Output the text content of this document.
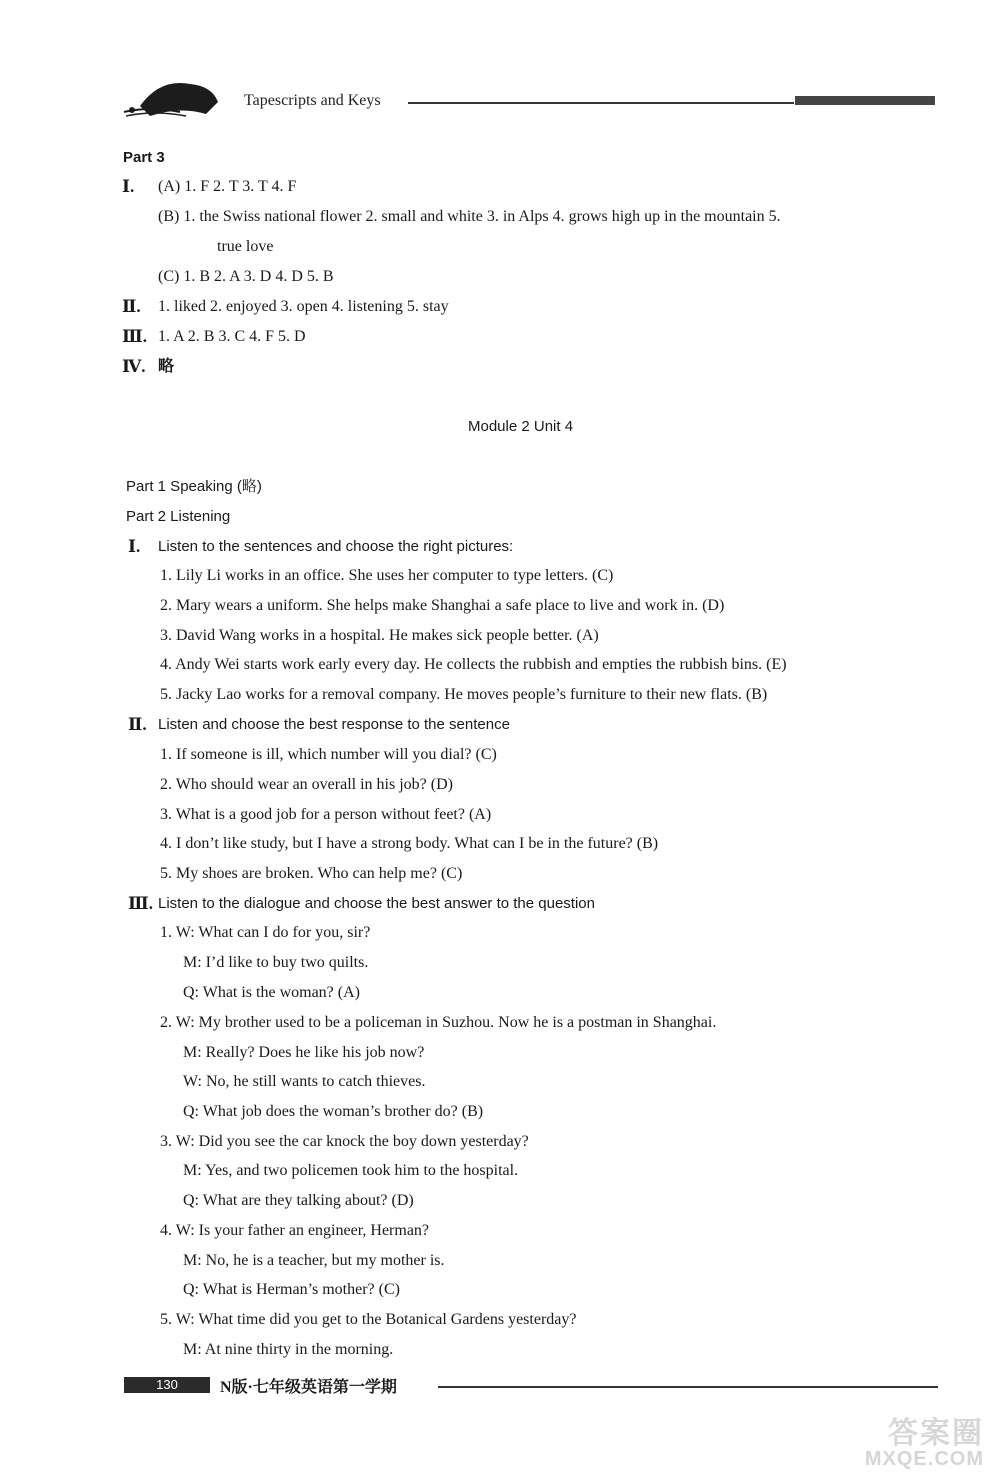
Tapescripts and Keys
Part 3
Ⅰ. (A) 1. F 2. T 3. T 4. F
(B) 1. the Swiss national flower 2. small and white 3. in Alps 4. grows high up in the mountain 5.
true love
(C) 1. B 2. A 3. D 4. D 5. B
Ⅱ. 1. liked 2. enjoyed 3. open 4. listening 5. stay
Ⅲ. 1. A 2. B 3. C 4. F 5. D
Ⅳ. 略
Module 2 Unit 4
Part 1 Speaking (略)
Part 2 Listening
Ⅰ. Listen to the sentences and choose the right pictures:
1. Lily Li works in an office. She uses her computer to type letters. (C)
2. Mary wears a uniform. She helps make Shanghai a safe place to live and work in. (D)
3. David Wang works in a hospital. He makes sick people better. (A)
4. Andy Wei starts work early every day. He collects the rubbish and empties the rubbish bins. (E)
5. Jacky Lao works for a removal company. He moves people’s furniture to their new flats. (B)
Ⅱ. Listen and choose the best response to the sentence
1. If someone is ill, which number will you dial? (C)
2. Who should wear an overall in his job? (D)
3. What is a good job for a person without feet? (A)
4. I don’t like study, but I have a strong body. What can I be in the future? (B)
5. My shoes are broken. Who can help me? (C)
Ⅲ. Listen to the dialogue and choose the best answer to the question
1. W: What can I do for you, sir?
M: I’d like to buy two quilts.
Q: What is the woman? (A)
2. W: My brother used to be a policeman in Suzhou. Now he is a postman in Shanghai.
M: Really? Does he like his job now?
W: No, he still wants to catch thieves.
Q: What job does the woman’s brother do? (B)
3. W: Did you see the car knock the boy down yesterday?
M: Yes, and two policemen took him to the hospital.
Q: What are they talking about? (D)
4. W: Is your father an engineer, Herman?
M: No, he is a teacher, but my mother is.
Q: What is Herman’s mother? (C)
5. W: What time did you get to the Botanical Gardens yesterday?
M: At nine thirty in the morning.
130	N版·七年级英语第一学期
答案圈
MXQE.COM
